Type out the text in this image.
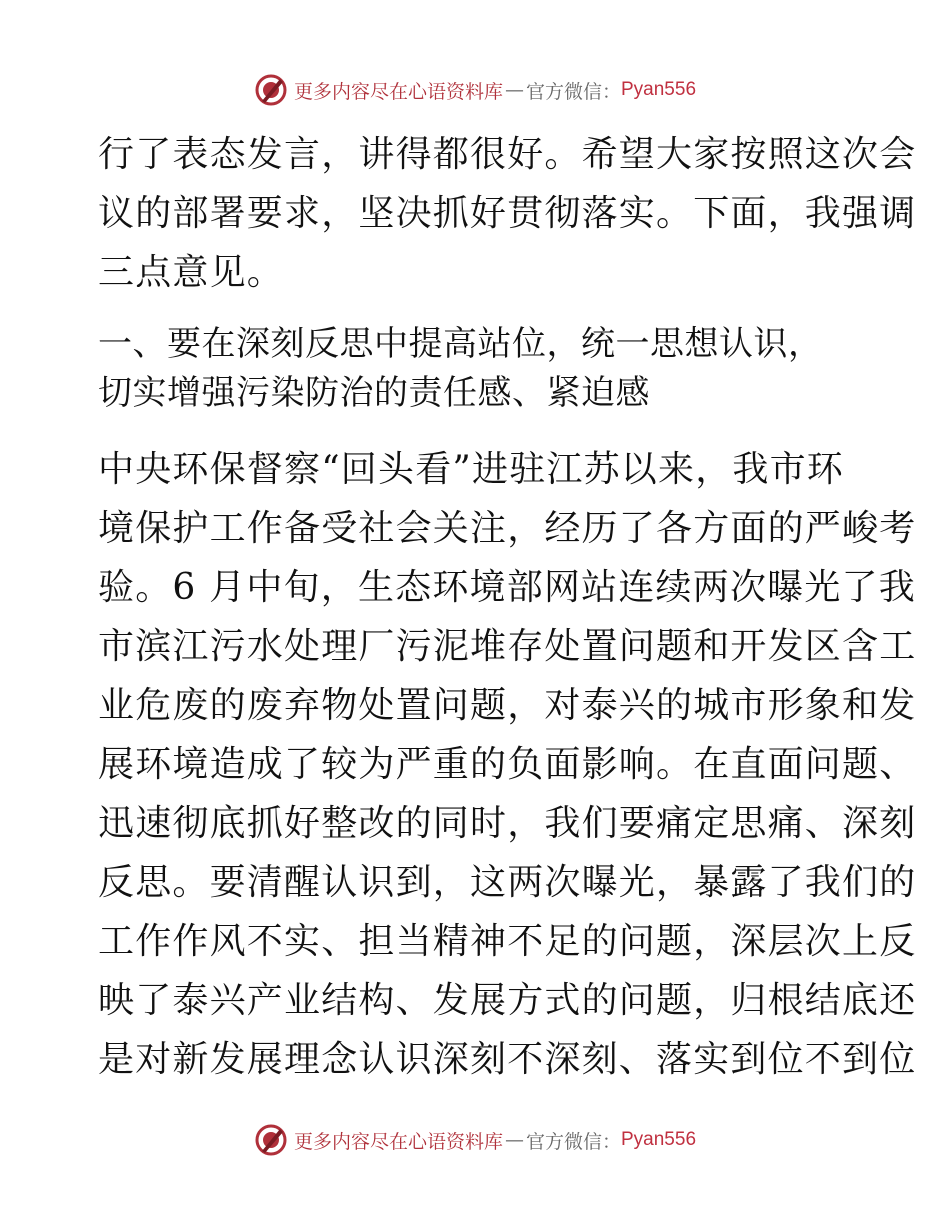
更多内容尽在心语资料库 — 官方微信： Pyan556
行了表态发言，讲得都很好。希望大家按照这次会
议的部署要求，坚决抓好贯彻落实。下面，我强调
三点意见。
一、要在深刻反思中提高站位，统一思想认识，
切实增强污染防治的责任感、紧迫感
中央环保督察“回头看”进驻江苏以来，我市环
境保护工作备受社会关注，经历了各方面的严峻考
验。6 月中旬，生态环境部网站连续两次曝光了我
市滨江污水处理厂污泥堆存处置问题和开发区含工
业危废的废弃物处置问题，对泰兴的城市形象和发
展环境造成了较为严重的负面影响。在直面问题、
迅速彻底抓好整改的同时，我们要痛定思痛、深刻
反思。要清醒认识到，这两次曝光，暴露了我们的
工作作风不实、担当精神不足的问题，深层次上反
映了泰兴产业结构、发展方式的问题，归根结底还
是对新发展理念认识深刻不深刻、落实到位不到位
更多内容尽在心语资料库 — 官方微信： Pyan556
